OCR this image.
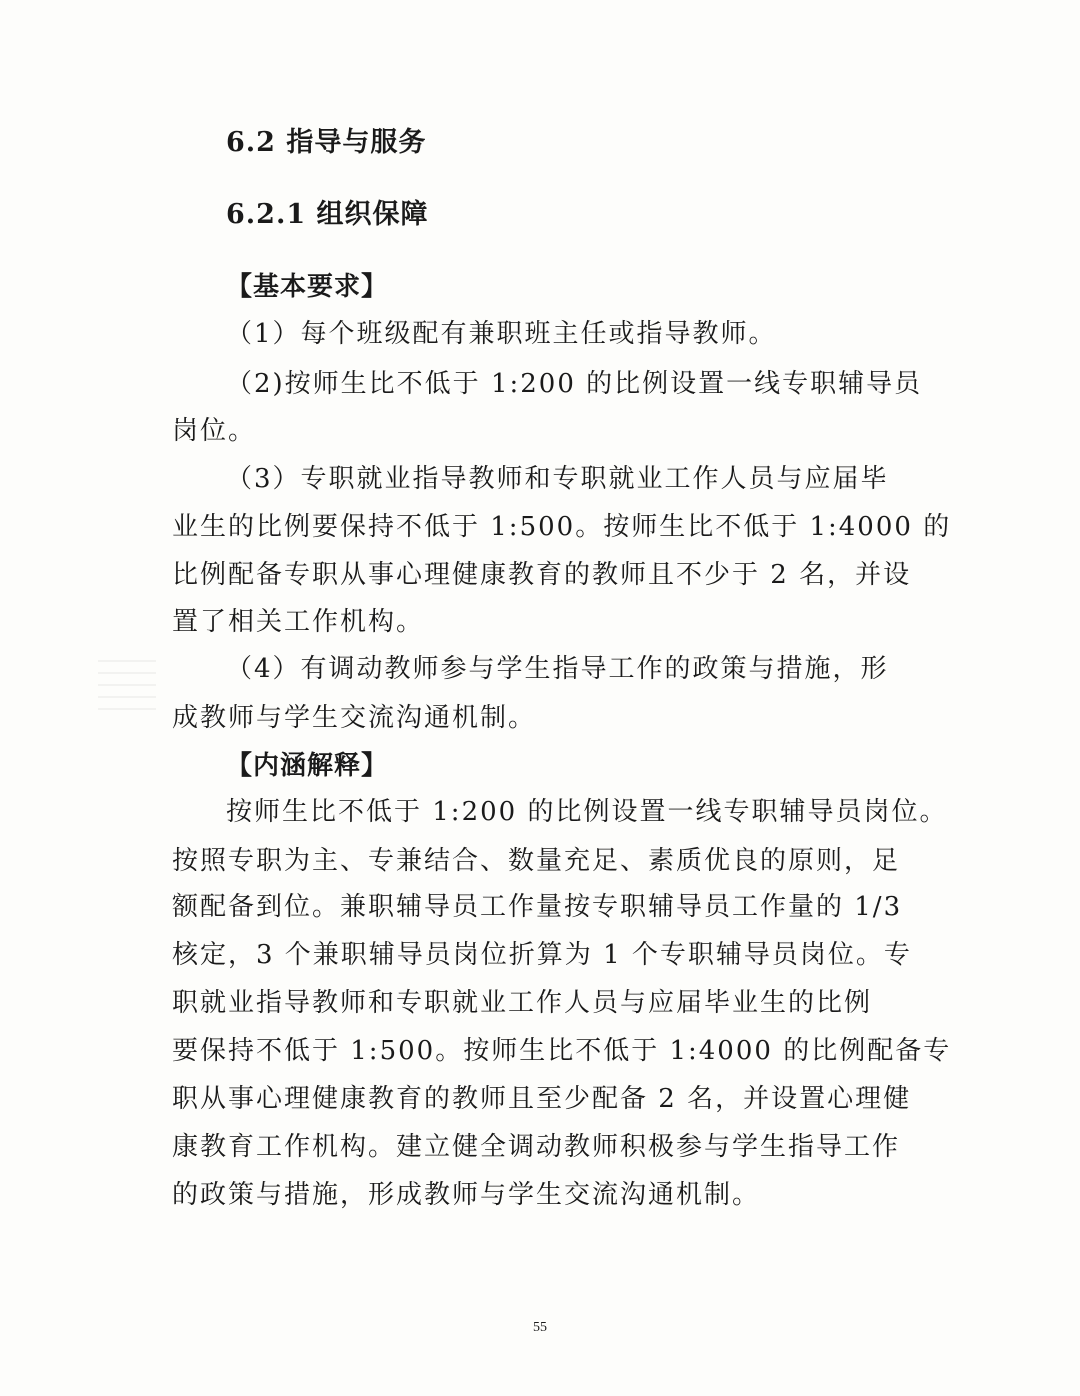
6.2 指导与服务
6.2.1 组织保障
【基本要求】
（1）每个班级配有兼职班主任或指导教师。
（2)按师生比不低于 1:200 的比例设置一线专职辅导员
岗位。
（3）专职就业指导教师和专职就业工作人员与应届毕
业生的比例要保持不低于 1:500。按师生比不低于 1:4000 的
比例配备专职从事心理健康教育的教师且不少于 2 名，并设
置了相关工作机构。
（4）有调动教师参与学生指导工作的政策与措施，形
成教师与学生交流沟通机制。
【内涵解释】
按师生比不低于 1:200 的比例设置一线专职辅导员岗位。
按照专职为主、专兼结合、数量充足、素质优良的原则，足
额配备到位。兼职辅导员工作量按专职辅导员工作量的 1/3
核定，3 个兼职辅导员岗位折算为 1 个专职辅导员岗位。专
职就业指导教师和专职就业工作人员与应届毕业生的比例
要保持不低于 1:500。按师生比不低于 1:4000 的比例配备专
职从事心理健康教育的教师且至少配备 2 名，并设置心理健
康教育工作机构。建立健全调动教师积极参与学生指导工作
的政策与措施，形成教师与学生交流沟通机制。
55
